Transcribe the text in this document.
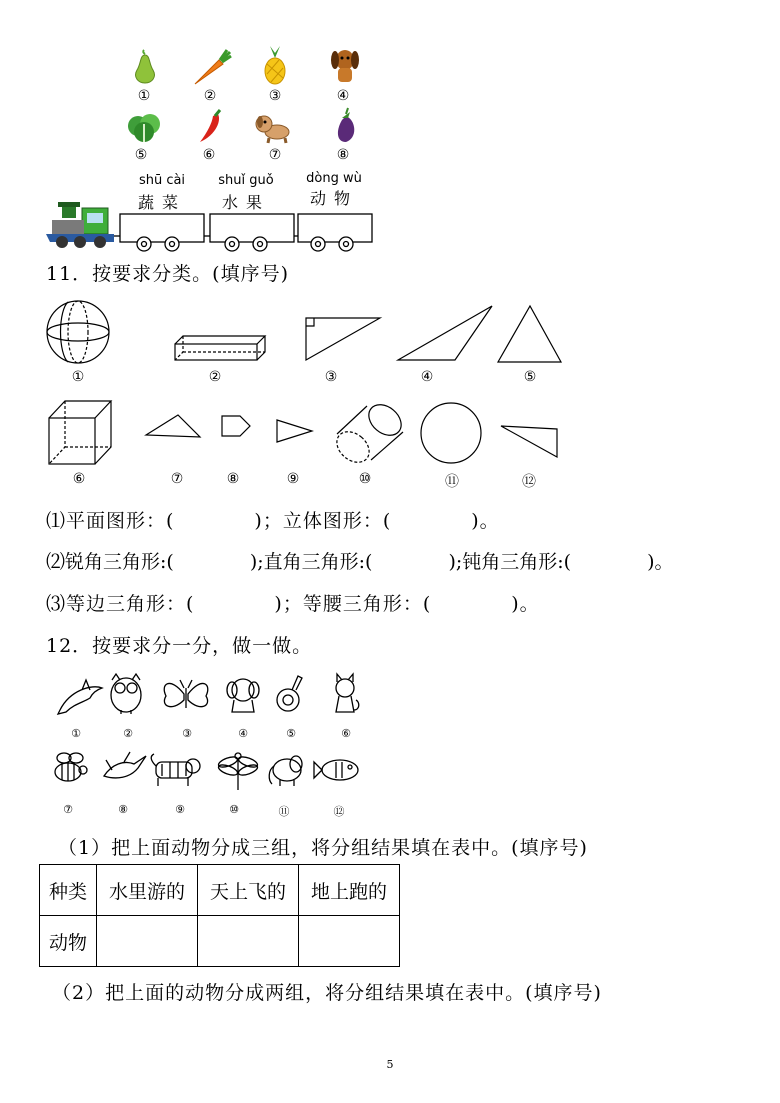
①	②	③	④
⑤	⑥	⑦	⑧
shū cài
蔬菜
shuǐ guǒ
水果
dòng wù
动物
11．按要求分类。(填序号)
①	②	③	④	⑤
⑥	⑦	⑧	⑨	⑩	⑪	⑫
⑴平面图形：(　　　　)；立体图形：(　　　　)。
⑵锐角三角形:(　　　　);直角三角形:(　　　　);钝角三角形:(　　　　)。
⑶等边三角形：(　　　　)；等腰三角形：(　　　　)。
12．按要求分一分，做一做。
①	②	③	④	⑤	⑥
⑦	⑧	⑨	⑩	⑪	⑫
（1）把上面动物分成三组，将分组结果填在表中。(填序号)
种类	水里游的	天上飞的	地上跑的
动物			
（2）把上面的动物分成两组，将分组结果填在表中。(填序号)
5
